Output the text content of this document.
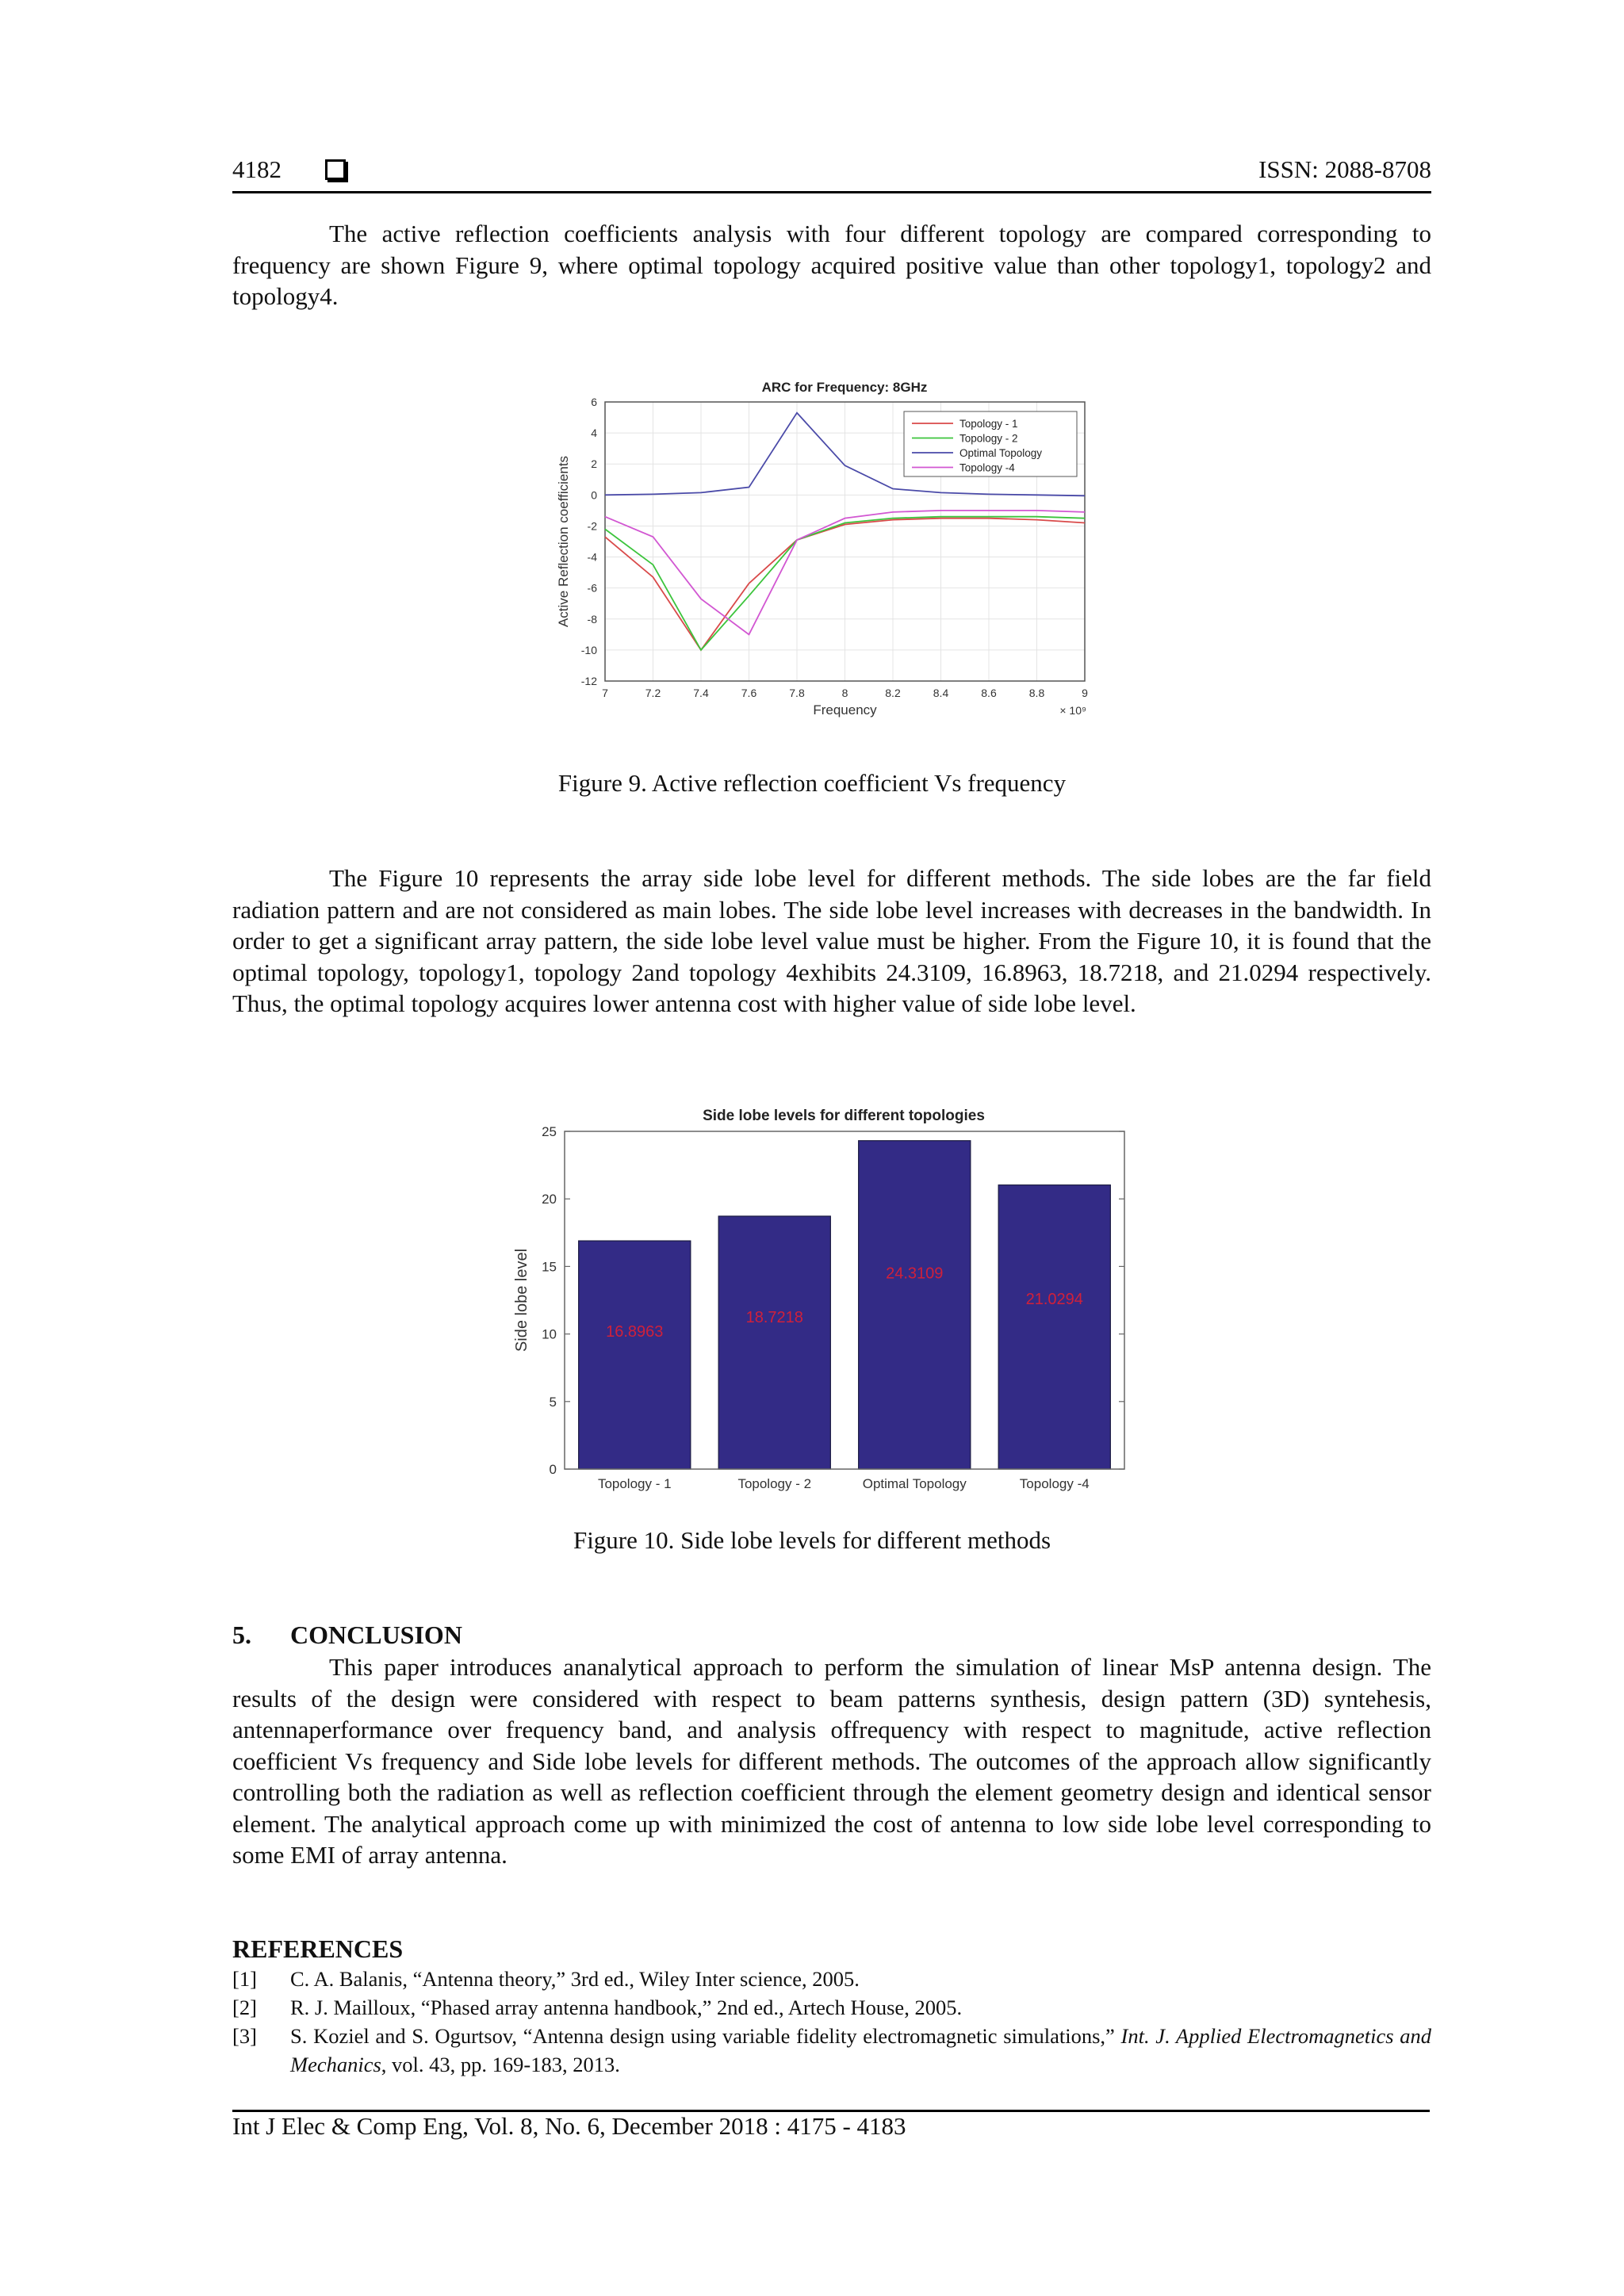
4182	ISSN: 2088-8708

The active reflection coefficients analysis with four different topology are compared corresponding to frequency are shown Figure 9, where optimal topology acquired positive value than other topology1, topology2 and topology4.

ARC for Frequency: 8GHz
6
4
2
0
-2
-4
-6
-8
-10
-12
7	7.2	7.4	7.6	7.8	8	8.2	8.4	8.6	8.8	9
Topology - 1
Topology - 2
Optimal Topology
Topology -4
Frequency	× 10⁹
Active Reflection coefficients
Figure 9. Active reflection coefficient Vs frequency

The Figure 10 represents the array side lobe level for different methods. The side lobes are the far field radiation pattern and are not considered as main lobes. The side lobe level increases with decreases in the bandwidth. In order to get a significant array pattern, the side lobe level value must be higher. From the Figure 10, it is found that the optimal topology, topology1, topology 2and topology 4exhibits 24.3109, 16.8963, 18.7218, and 21.0294 respectively. Thus, the optimal topology acquires lower antenna cost with higher value of side lobe level.

Side lobe levels for different topologies
0
5
10
15
20
25
Topology - 1	Topology - 2	Optimal Topology	Topology -4
16.8963
18.7218
24.3109
21.0294
Side lobe level
Figure 10. Side lobe levels for different methods
5. CONCLUSION

This paper introduces ananalytical approach to perform the simulation of linear MsP antenna design. The results of the design were considered with respect to beam patterns synthesis, design pattern (3D) syntehesis, antennaperformance over frequency band, and analysis offrequency with respect to magnitude, active reflection coefficient Vs frequency and Side lobe levels for different methods. The outcomes of the approach allow significantly controlling both the radiation as well as reflection coefficient through the element geometry design and identical sensor element. The analytical approach come up with minimized the cost of antenna to low side lobe level corresponding to some EMI of array antenna.

REFERENCES
[1] C. A. Balanis, “Antenna theory,” 3rd ed., Wiley Inter science, 2005.
[2] R. J. Mailloux, “Phased array antenna handbook,” 2nd ed., Artech House, 2005.
[3] S. Koziel and S. Ogurtsov, “Antenna design using variable fidelity electromagnetic simulations,” Int. J. Applied Electromagnetics and Mechanics, vol. 43, pp. 169-183, 2013.
Int J Elec & Comp Eng, Vol. 8, No. 6, December 2018 : 4175 - 4183
